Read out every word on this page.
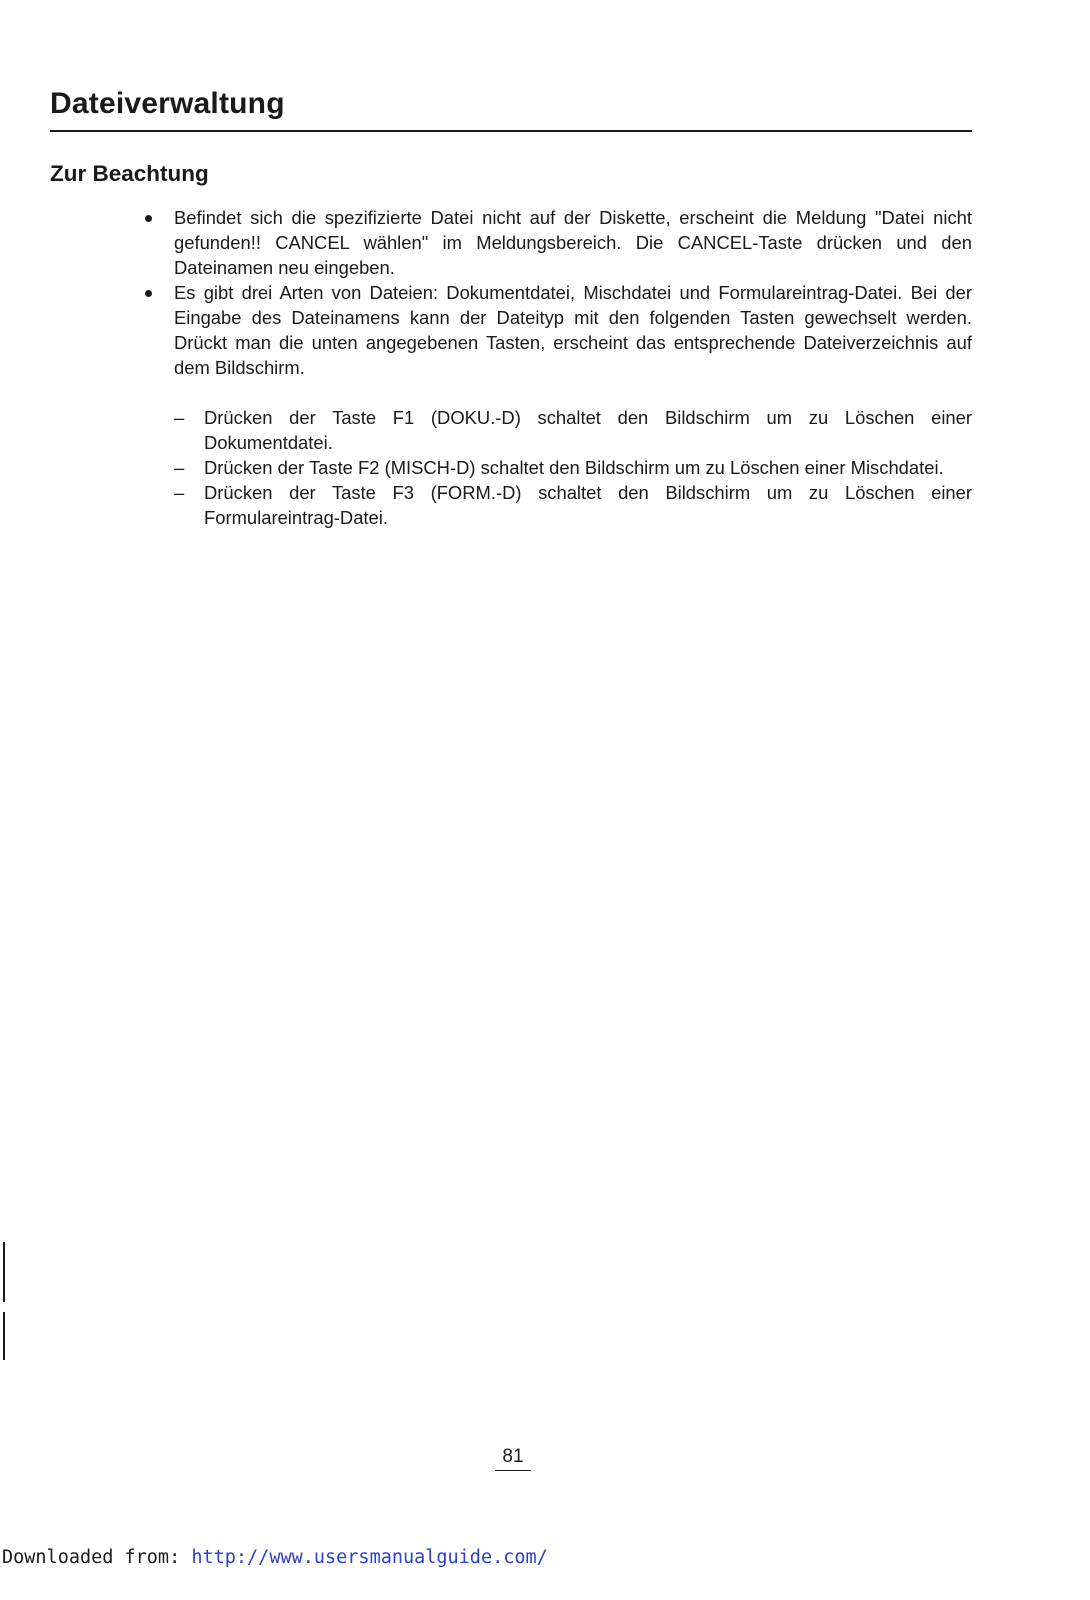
Dateiverwaltung
Zur Beachtung
Befindet sich die spezifizierte Datei nicht auf der Diskette, erscheint die Meldung "Datei nicht gefunden!! CANCEL wählen" im Meldungsbereich. Die CANCEL-Taste drücken und den Dateinamen neu eingeben.
Es gibt drei Arten von Dateien: Dokumentdatei, Mischdatei und Formulareintrag-Datei. Bei der Eingabe des Dateinamens kann der Dateityp mit den folgenden Tasten gewechselt werden. Drückt man die unten angegebenen Tasten, erscheint das entsprechende Dateiverzeichnis auf dem Bildschirm.
–	Drücken der Taste F1 (DOKU.-D) schaltet den Bildschirm um zu Löschen einer Dokumentdatei.
–	Drücken der Taste F2 (MISCH-D) schaltet den Bildschirm um zu Löschen einer Mischdatei.
–	Drücken der Taste F3 (FORM.-D) schaltet den Bildschirm um zu Löschen einer Formulareintrag-Datei.
81
Downloaded from: http://www.usersmanualguide.com/
